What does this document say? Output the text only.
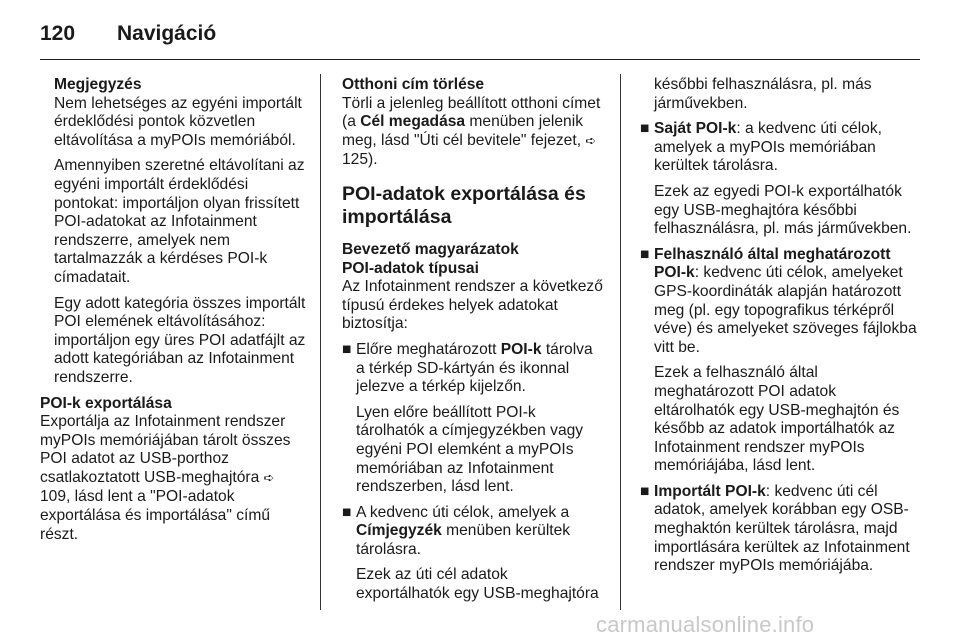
120 Navigáció

Megjegyzés

Nem lehetséges az egyéni importált érdeklődési pontok közvetlen eltávolítása a myPOIs memóriából.

Amennyiben szeretné eltávolítani az egyéni importált érdeklődési pontokat: importáljon olyan frissített POI-adatokat az Infotainment rendszerre, amelyek nem tartalmazzák a kérdéses POI-k címadatait.

Egy adott kategória összes importált POI elemének eltávolításához: importáljon egy üres POI adatfájlt az adott kategóriában az Infotainment rendszerre.

POI-k exportálása

Exportálja az Infotainment rendszer myPOIs memóriájában tárolt összes POI adatot az USB-porthoz csatlakoztatott USB-meghajtóra ➪ 109, lásd lent a "POI-adatok exportálása és importálása" című részt.

Otthoni cím törlése

Törli a jelenleg beállított otthoni címet (a Cél megadása menüben jelenik meg, lásd "Úti cél bevitele" fejezet, ➪ 125).

POI-adatok exportálása és importálása

Bevezető magyarázatok

POI-adatok típusai

Az Infotainment rendszer a következő típusú érdekes helyek adatokat biztosítja:

■ Előre meghatározott POI-k tárolva a térkép SD-kártyán és ikonnal jelezve a térkép kijelzőn.

Lyen előre beállított POI-k tárolhatók a címjegyzékben vagy egyéni POI elemként a myPOIs memóriában az Infotainment rendszerben, lásd lent.

■ A kedvenc úti célok, amelyek a Címjegyzék menüben kerültek tárolásra.

Ezek az úti cél adatok exportálhatók egy USB-meghajtóra

későbbi felhasználásra, pl. más járművekben.

■ Saját POI-k: a kedvenc úti célok, amelyek a myPOIs memóriában kerültek tárolásra.

Ezek az egyedi POI-k exportálhatók egy USB-meghajtóra későbbi felhasználásra, pl. más járművekben.

■ Felhasználó által meghatározott POI-k: kedvenc úti célok, amelyeket GPS-koordináták alapján határozott meg (pl. egy topografikus térképről véve) és amelyeket szöveges fájlokba vitt be.

Ezek a felhasználó által meghatározott POI adatok eltárolhatók egy USB-meghajtón és később az adatok importálhatók az Infotainment rendszer myPOIs memóriájába, lásd lent.

■ Importált POI-k: kedvenc úti cél adatok, amelyek korábban egy OSB-meghaktón kerültek tárolásra, majd importlására kerültek az Infotainment rendszer myPOIs memóriájába.

carmanualsonline.info
